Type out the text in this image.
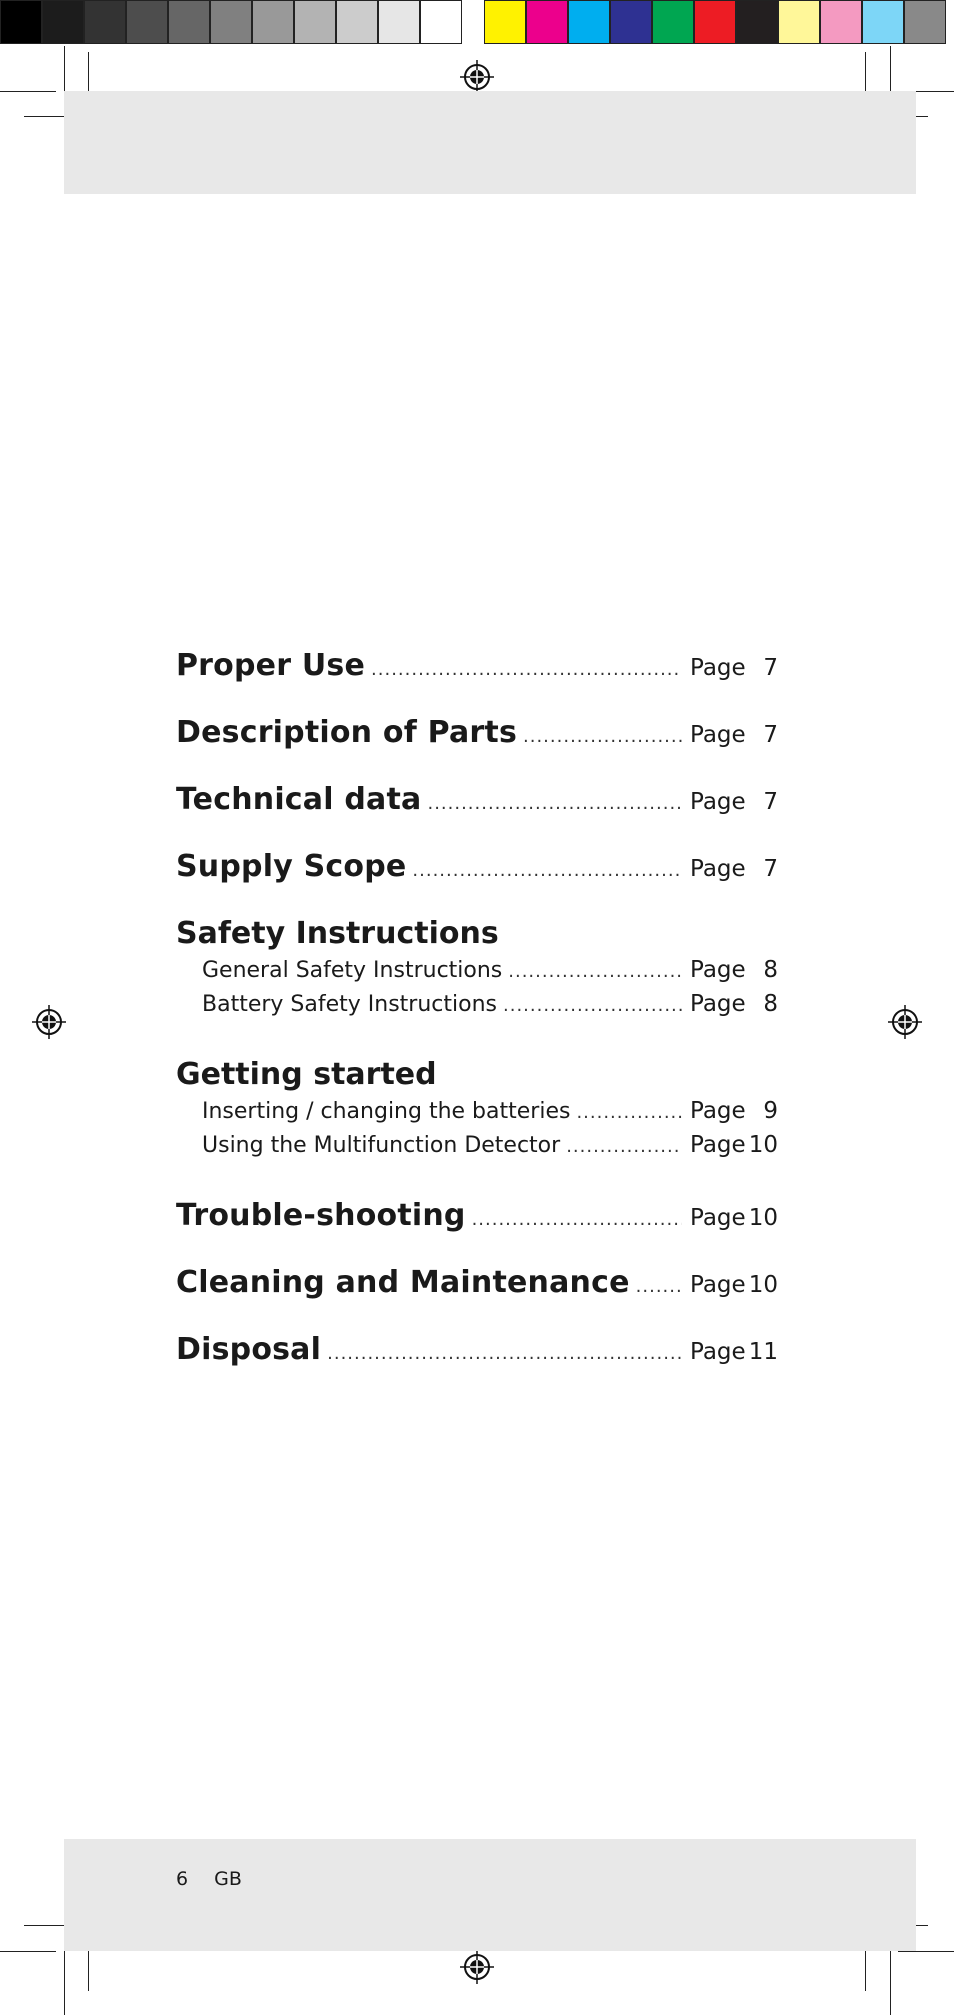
Proper Use .....	Page 7
Description of Parts .....	Page 7
Technical data .....	Page 7
Supply Scope .....	Page 7
Safety Instructions
General Safety Instructions .....	Page 8
Battery Safety Instructions .....	Page 8
Getting started
Inserting / changing the batteries .....	Page 9
Using the Multifunction Detector .....	Page 10
Trouble-shooting .....	Page 10
Cleaning and Maintenance .....	Page 10
Disposal .....	Page 11
6 GB
